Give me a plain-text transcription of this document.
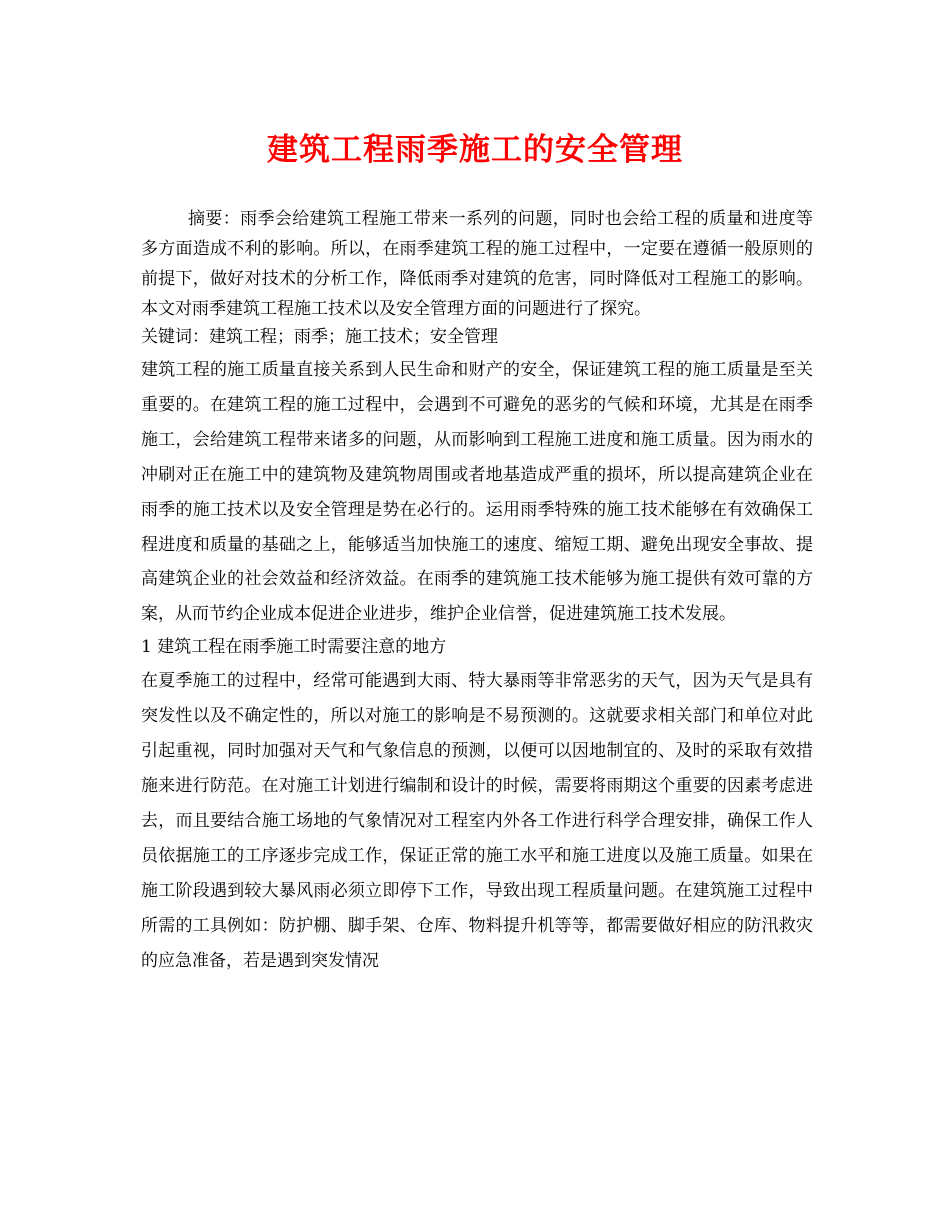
建筑工程雨季施工的安全管理

摘要：雨季会给建筑工程施工带来一系列的问题，同时也会给工程的质量和进度等多方面造成不利的影响。所以，在雨季建筑工程的施工过程中，一定要在遵循一般原则的前提下，做好对技术的分析工作，降低雨季对建筑的危害，同时降低对工程施工的影响。本文对雨季建筑工程施工技术以及安全管理方面的问题进行了探究。

关键词：建筑工程；雨季；施工技术；安全管理

建筑工程的施工质量直接关系到人民生命和财产的安全，保证建筑工程的施工质量是至关重要的。在建筑工程的施工过程中，会遇到不可避免的恶劣的气候和环境，尤其是在雨季施工，会给建筑工程带来诸多的问题，从而影响到工程施工进度和施工质量。因为雨水的冲刷对正在施工中的建筑物及建筑物周围或者地基造成严重的损坏，所以提高建筑企业在雨季的施工技术以及安全管理是势在必行的。运用雨季特殊的施工技术能够在有效确保工程进度和质量的基础之上，能够适当加快施工的速度、缩短工期、避免出现安全事故、提高建筑企业的社会效益和经济效益。在雨季的建筑施工技术能够为施工提供有效可靠的方案，从而节约企业成本促进企业进步，维护企业信誉，促进建筑施工技术发展。

1 建筑工程在雨季施工时需要注意的地方

在夏季施工的过程中，经常可能遇到大雨、特大暴雨等非常恶劣的天气，因为天气是具有突发性以及不确定性的，所以对施工的影响是不易预测的。这就要求相关部门和单位对此引起重视，同时加强对天气和气象信息的预测，以便可以因地制宜的、及时的采取有效措施来进行防范。在对施工计划进行编制和设计的时候，需要将雨期这个重要的因素考虑进去，而且要结合施工场地的气象情况对工程室内外各工作进行科学合理安排，确保工作人员依据施工的工序逐步完成工作，保证正常的施工水平和施工进度以及施工质量。如果在施工阶段遇到较大暴风雨必须立即停下工作，导致出现工程质量问题。在建筑施工过程中所需的工具例如：防护棚、脚手架、仓库、物料提升机等等，都需要做好相应的防汛救灾的应急准备，若是遇到突发情况
